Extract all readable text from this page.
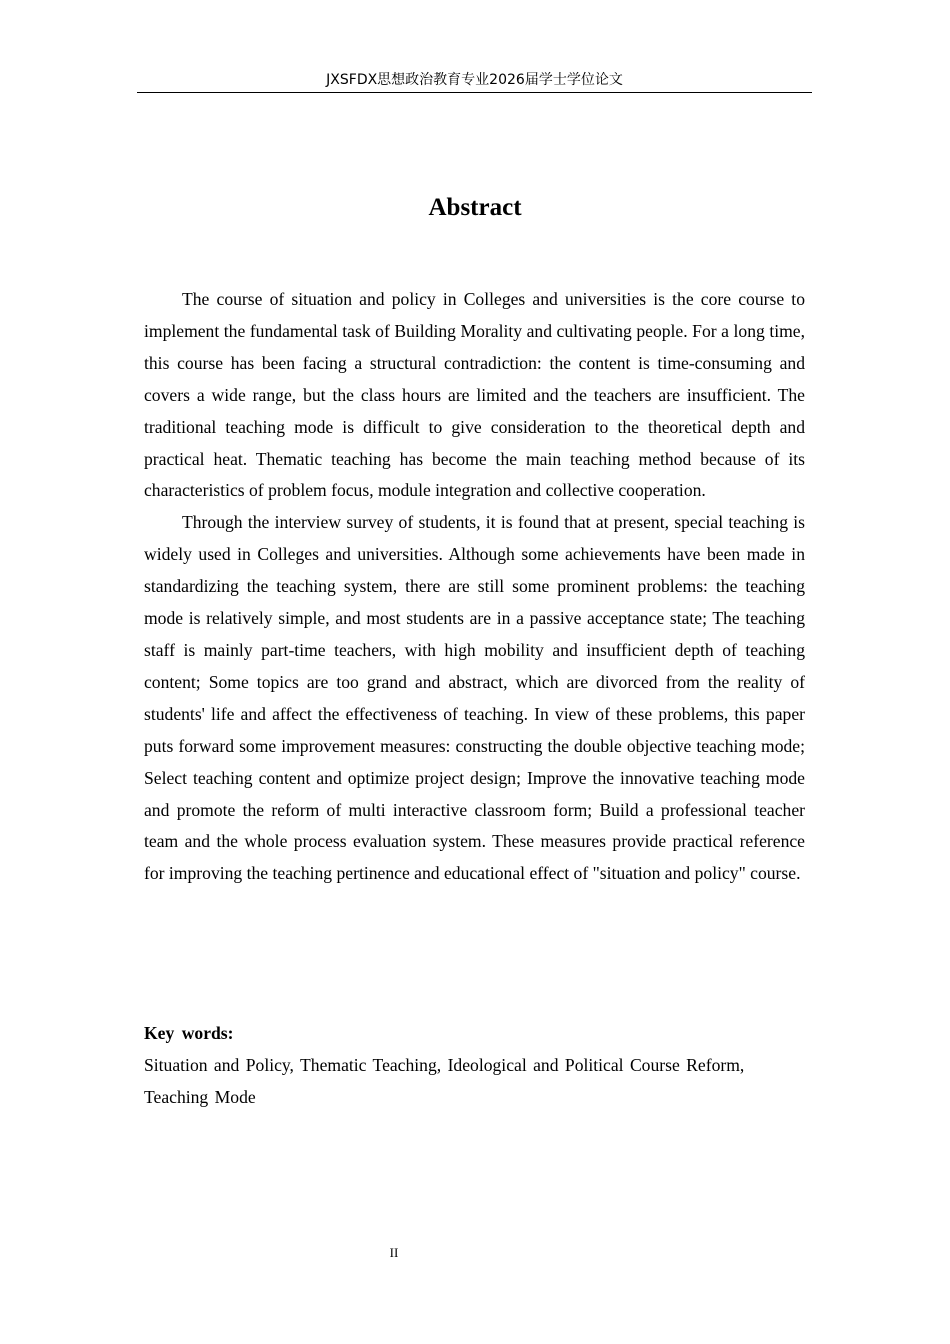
JXSFDX思想政治教育专业2026届学士学位论文
Abstract

The course of situation and policy in Colleges and universities is the core course to implement the fundamental task of Building Morality and cultivating people. For a long time, this course has been facing a structural contradiction: the content is time-consuming and covers a wide range, but the class hours are limited and the teachers are insufficient. The traditional teaching mode is difficult to give consideration to the theoretical depth and practical heat. Thematic teaching has become the main teaching method because of its characteristics of problem focus, module integration and collective cooperation.

Through the interview survey of students, it is found that at present, special teaching is widely used in Colleges and universities. Although some achievements have been made in standardizing the teaching system, there are still some prominent problems: the teaching mode is relatively simple, and most students are in a passive acceptance state; The teaching staff is mainly part-time teachers, with high mobility and insufficient depth of teaching content; Some topics are too grand and abstract, which are divorced from the reality of students' life and affect the effectiveness of teaching. In view of these problems, this paper puts forward some improvement measures: constructing the double objective teaching mode; Select teaching content and optimize project design; Improve the innovative teaching mode and promote the reform of multi interactive classroom form; Build a professional teacher team and the whole process evaluation system. These measures provide practical reference for improving the teaching pertinence and educational effect of "situation and policy" course.

Key words:
Situation and Policy, Thematic Teaching, Ideological and Political Course Reform, Teaching Mode
II
